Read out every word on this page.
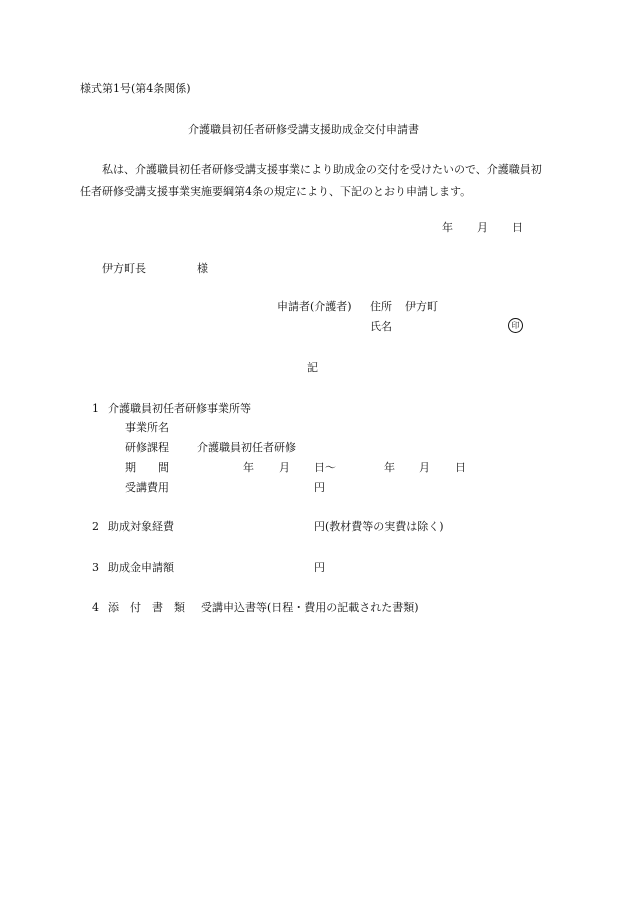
様式第1号(第4条関係)
介護職員初任者研修受講支援助成金交付申請書
私は、介護職員初任者研修受講支援事業により助成金の交付を受けたいので、介護職員初任者研修受講支援事業実施要綱第4条の規定により、下記のとおり申請します。
年 月 日
伊方町長	様
申請者(介護者) 住所 伊方町
氏名	印
記
1 介護職員初任者研修事業所等
事業所名
研修課程	介護職員初任者研修
期　　間	年 月 日～	年 月 日
受講費用	円
2 助成対象経費	円(教材費等の実費は除く)
3 助成金申請額	円
4 添　付　書　類 受講申込書等(日程・費用の記載された書類)
